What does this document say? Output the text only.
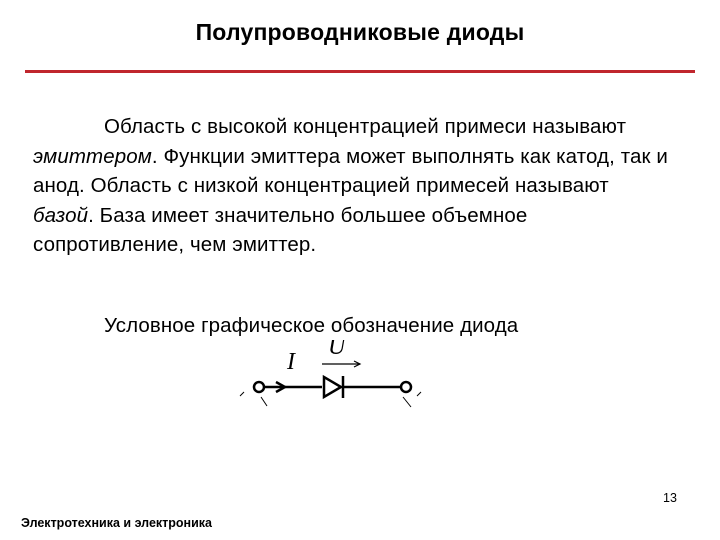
Полупроводниковые диоды

Область с высокой концентрацией примеси называют эмиттером. Функции эмиттера может выполнять как катод, так и анод. Область с низкой концентрацией примесей называют базой. База имеет значительно большее объемное сопротивление, чем эмиттер.

Условное графическое обозначение диода
I
U
13
Электротехника и электроника
